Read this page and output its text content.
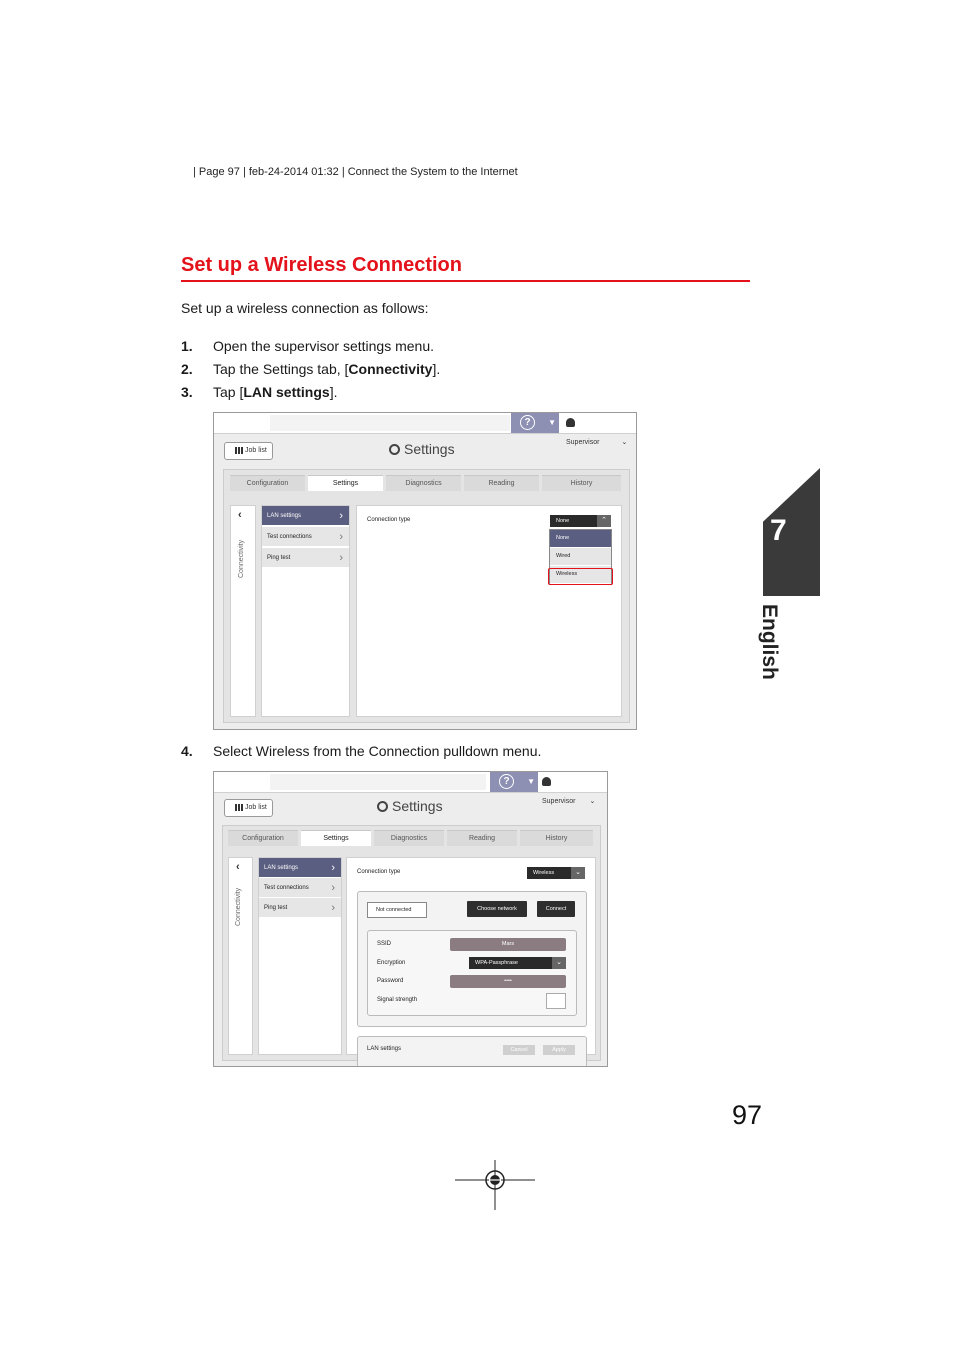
| Page 97 | feb-24-2014 01:32 | Connect the System to the Internet
Set up a Wireless Connection
Set up a wireless connection as follows:
1. Open the supervisor settings menu.
2. Tap the Settings tab, [Connectivity].
3. Tap [LAN settings].
?	▼
Supervisor	⌄
Job list	Settings
Configuration	Settings	Diagnostics	Reading	History
‹
Connectivity
LAN settings	›
Test connections	›
Ping test	›
Connection type	None	⌃
None
Wired
Wireless
4. Select Wireless from the Connection pulldown menu.
?	▼
Supervisor ⌄
Job list	Settings
Configuration	Settings	Diagnostics	Reading	History
‹
Connectivity
LAN settings	›
Test connections ›
Ping test	›
Connection type	Wireless	⌄
Not connected	Choose network	Connect
SSID	Mars
Encryption	WPA-Passphrase	⌄
Password	••••
Signal strength
LAN settings	Cancel	Apply
97
7
English
